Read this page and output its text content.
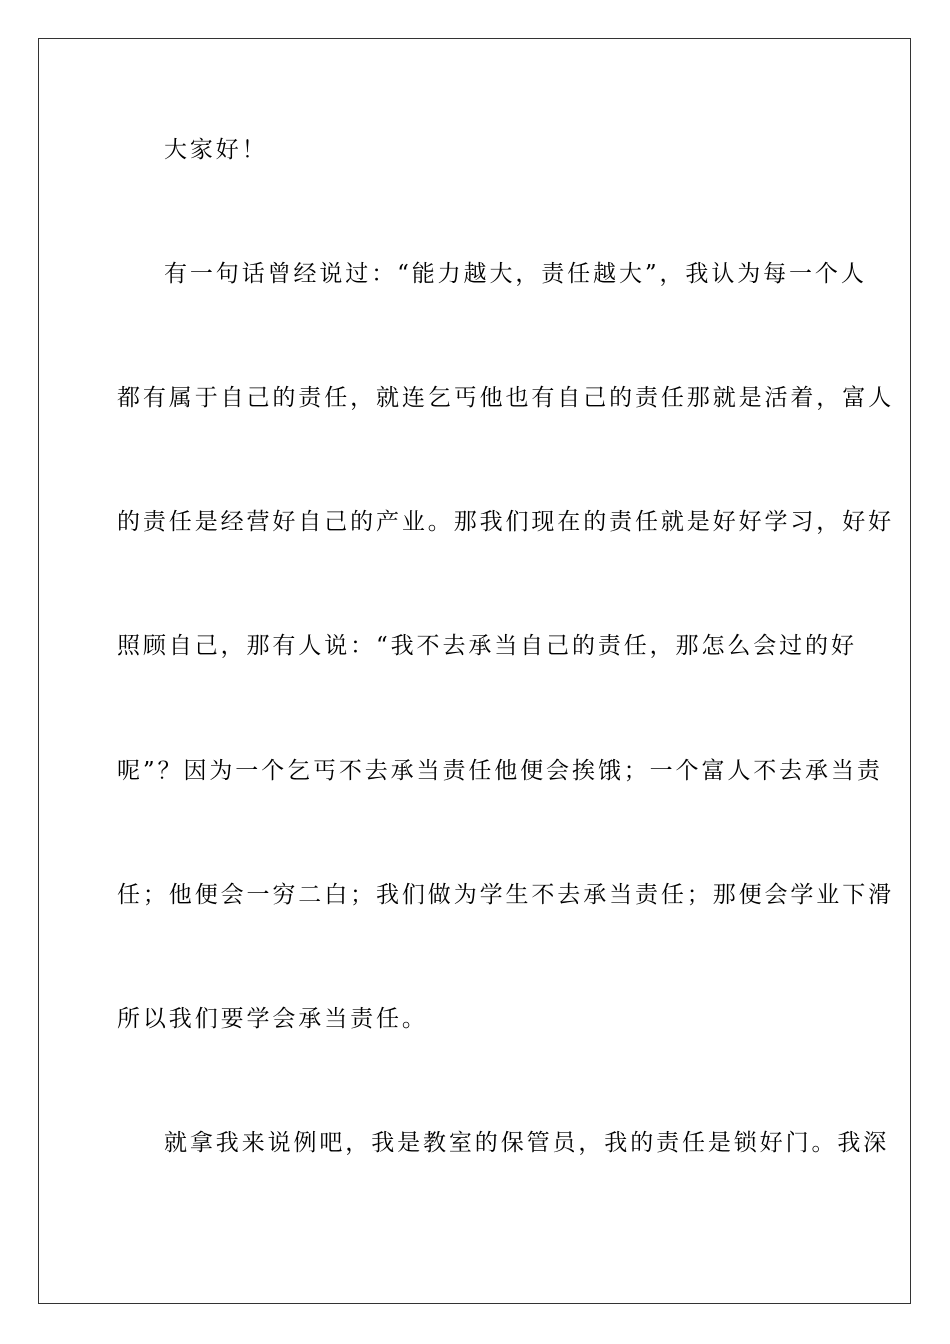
大家好！
有一句话曾经说过：“能力越大，责任越大”，我认为每一个人
都有属于自己的责任，就连乞丐他也有自己的责任那就是活着，富人
的责任是经营好自己的产业。那我们现在的责任就是好好学习，好好
照顾自己，那有人说：“我不去承当自己的责任，那怎么会过的好
呢”？因为一个乞丐不去承当责任他便会挨饿；一个富人不去承当责
任；他便会一穷二白；我们做为学生不去承当责任；那便会学业下滑
所以我们要学会承当责任。
就拿我来说例吧，我是教室的保管员，我的责任是锁好门。我深
